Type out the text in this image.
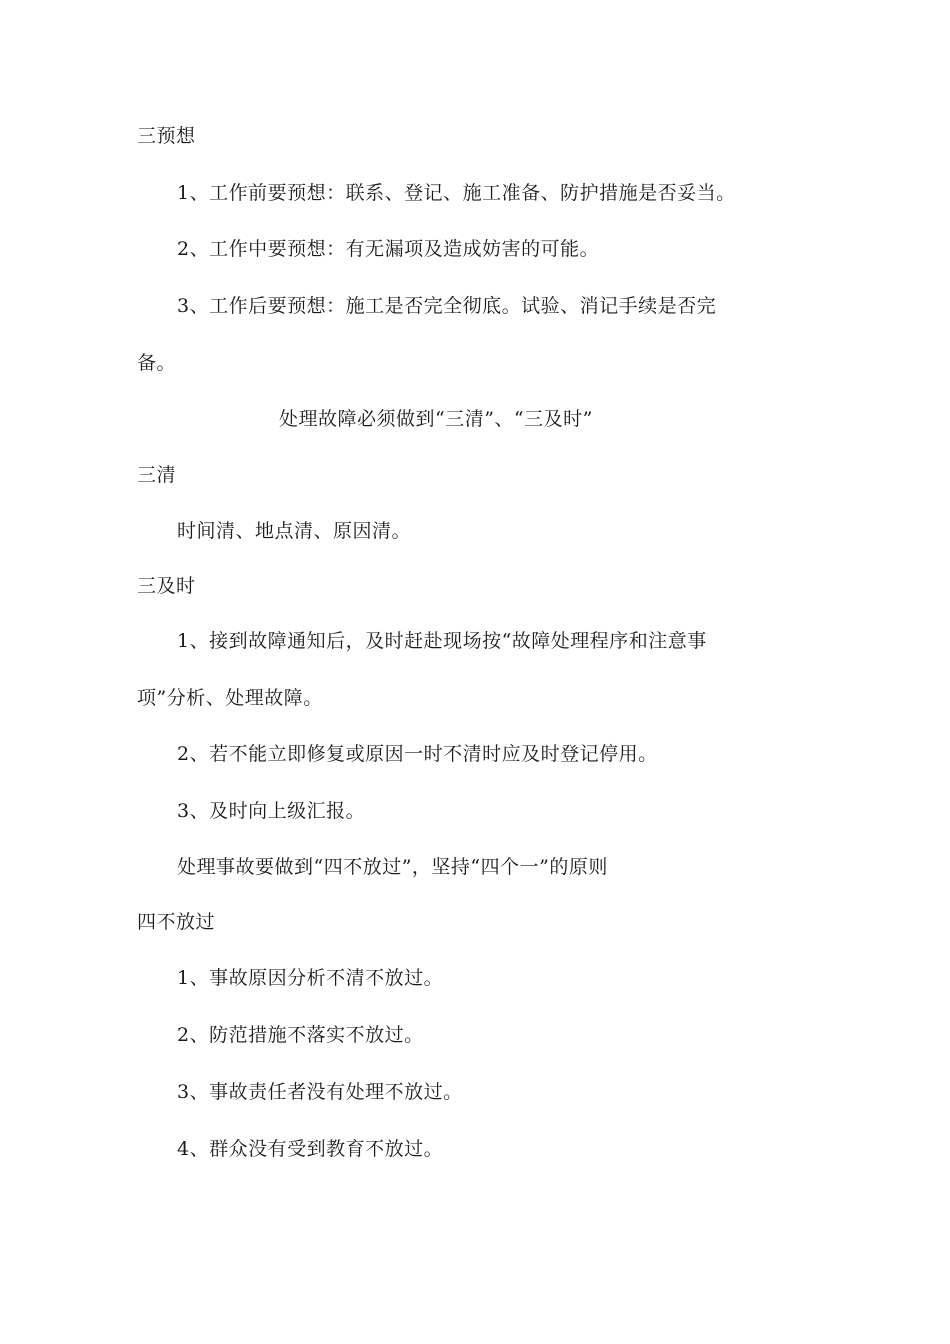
三预想
1、工作前要预想：联系、登记、施工准备、防护措施是否妥当。
2、工作中要预想：有无漏项及造成妨害的可能。
3、工作后要预想：施工是否完全彻底。试验、消记手续是否完
备。
处理故障必须做到“三清”、“三及时”
三清
时间清、地点清、原因清。
三及时
1、接到故障通知后，及时赶赴现场按“故障处理程序和注意事
项”分析、处理故障。
2、若不能立即修复或原因一时不清时应及时登记停用。
3、及时向上级汇报。
处理事故要做到“四不放过”，坚持“四个一”的原则
四不放过
1、事故原因分析不清不放过。
2、防范措施不落实不放过。
3、事故责任者没有处理不放过。
4、群众没有受到教育不放过。
